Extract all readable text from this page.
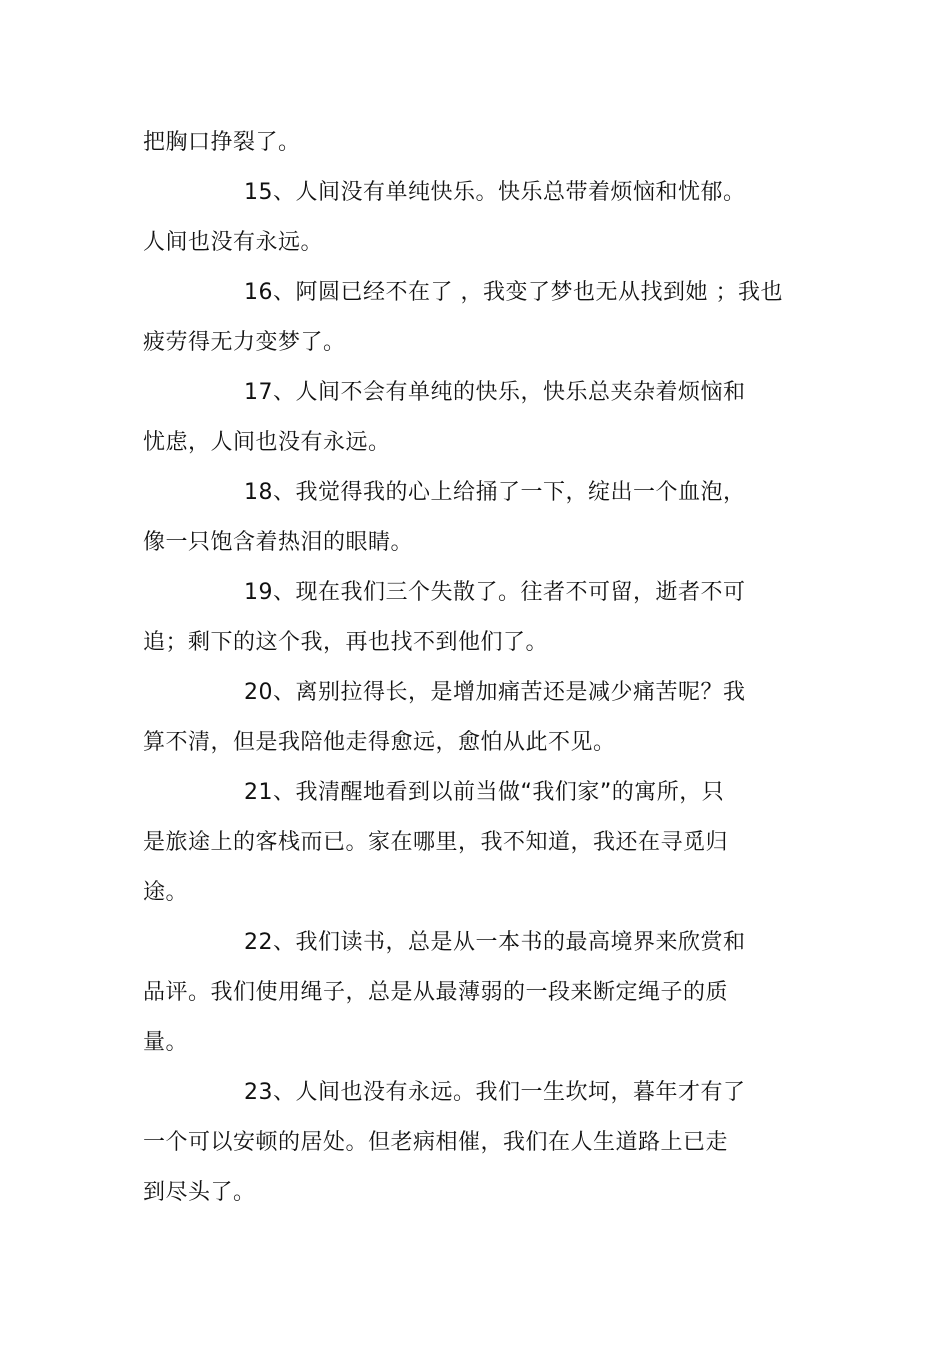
把胸口挣裂了。
15、人间没有单纯快乐。快乐总带着烦恼和忧郁。
人间也没有永远。
16、阿圆已经不在了 ，我变了梦也无从找到她 ；我也
疲劳得无力变梦了。
17、人间不会有单纯的快乐，快乐总夹杂着烦恼和
忧虑，人间也没有永远。
18、我觉得我的心上给捅了一下，绽出一个血泡，
像一只饱含着热泪的眼睛。
19、现在我们三个失散了。往者不可留，逝者不可
追；剩下的这个我，再也找不到他们了。
20、离别拉得长，是增加痛苦还是减少痛苦呢？我
算不清，但是我陪他走得愈远，愈怕从此不见。
21、我清醒地看到以前当做“我们家”的寓所，只
是旅途上的客栈而已。家在哪里，我不知道，我还在寻觅归
途。
22、我们读书，总是从一本书的最高境界来欣赏和
品评。我们使用绳子，总是从最薄弱的一段来断定绳子的质
量。
23、人间也没有永远。我们一生坎坷，暮年才有了
一个可以安顿的居处。但老病相催，我们在人生道路上已走
到尽头了。
